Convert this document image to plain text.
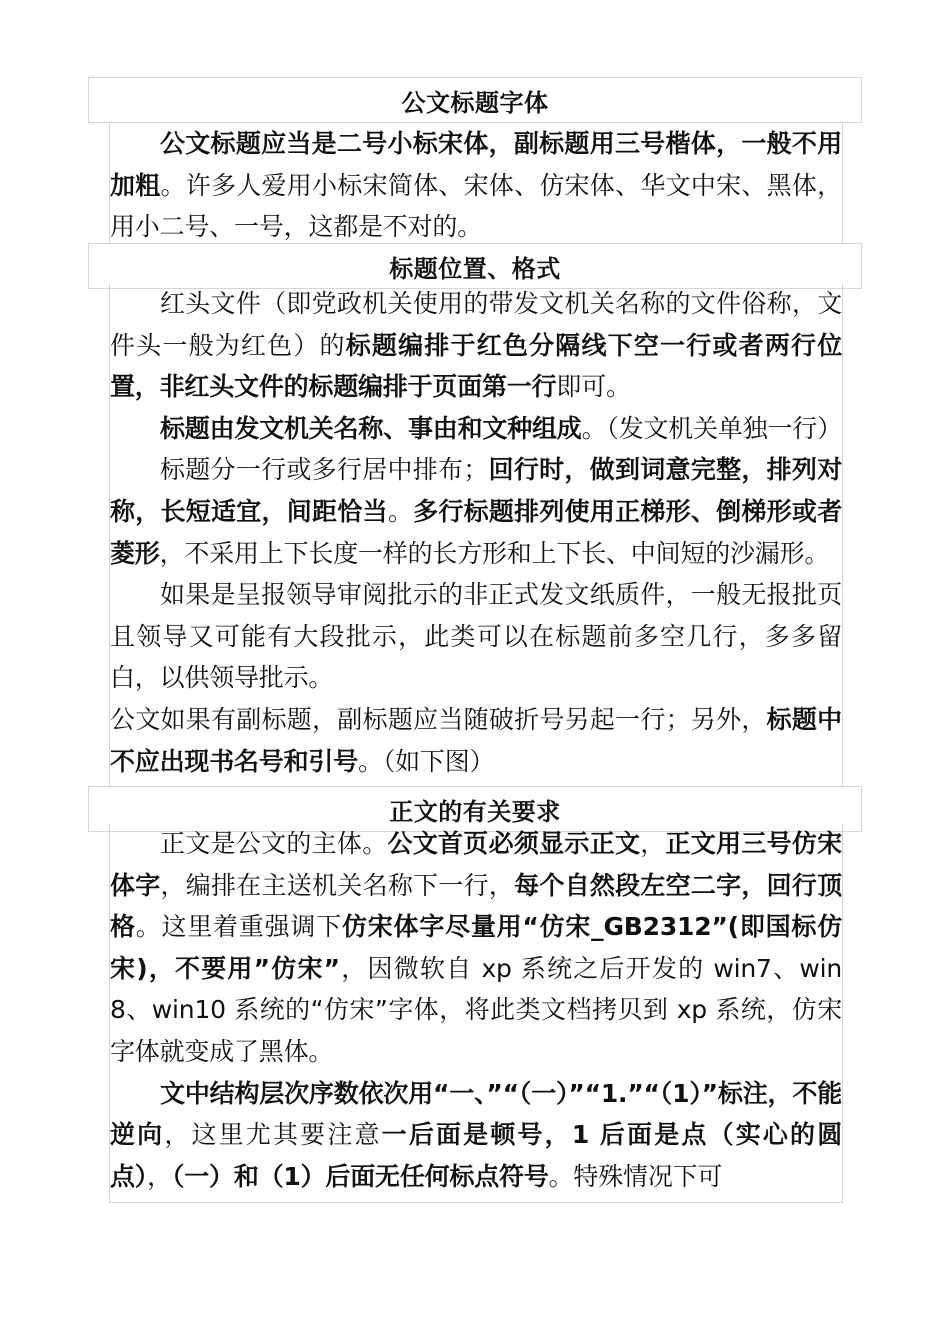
公文标题字体

公文标题应当是二号小标宋体，副标题用三号楷体，一般不用加粗。许多人爱用小标宋简体、宋体、仿宋体、华文中宋、黑体，用小二号、一号，这都是不对的。

标题位置、格式

红头文件（即党政机关使用的带发文机关名称的文件俗称，文件头一般为红色）的标题编排于红色分隔线下空一行或者两行位置，非红头文件的标题编排于页面第一行即可。

标题由发文机关名称、事由和文种组成。（发文机关单独一行）

标题分一行或多行居中排布；回行时，做到词意完整，排列对称，长短适宜，间距恰当。多行标题排列使用正梯形、倒梯形或者菱形，不采用上下长度一样的长方形和上下长、中间短的沙漏形。

如果是呈报领导审阅批示的非正式发文纸质件，一般无报批页且领导又可能有大段批示，此类可以在标题前多空几行，多多留白，以供领导批示。

公文如果有副标题，副标题应当随破折号另起一行；另外，标题中不应出现书名号和引号。（如下图）

正文的有关要求

正文是公文的主体。公文首页必须显示正文，正文用三号仿宋体字，编排在主送机关名称下一行，每个自然段左空二字，回行顶格。这里着重强调下仿宋体字尽量用“仿宋_GB2312”(即国标仿宋)，不要用”仿宋”，因微软自 xp 系统之后开发的 win7、win8、win10 系统的“仿宋”字体，将此类文档拷贝到 xp 系统，仿宋字体就变成了黑体。

文中结构层次序数依次用“一、”“（一）”“1.”“（1）”标注，不能逆向，这里尤其要注意一后面是顿号，1 后面是点（实心的圆点），（一）和（1）后面无任何标点符号。特殊情况下可
